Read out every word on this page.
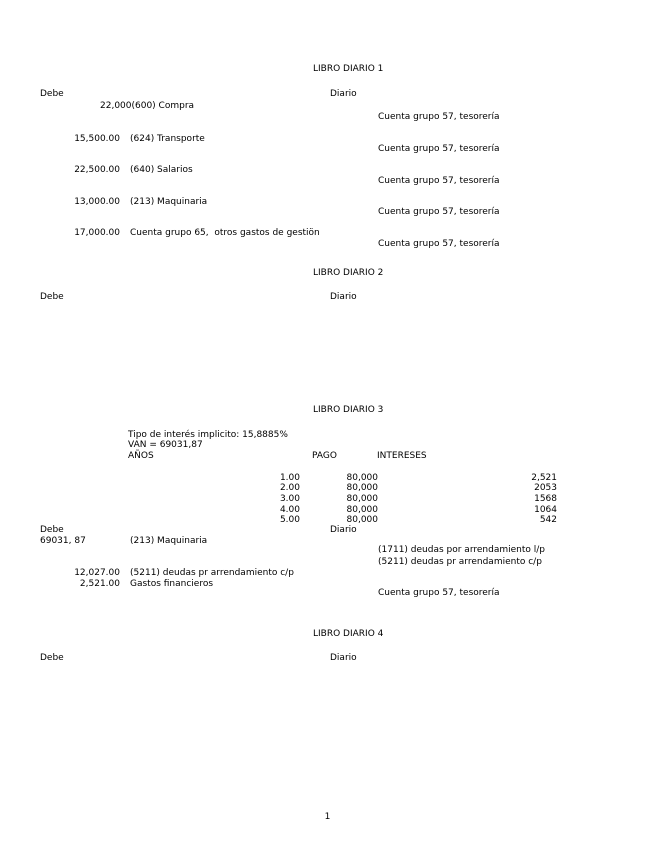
LIBRO DIARIO 1
Debe	Diario
22,000(600) Compra
Cuenta grupo 57, tesorería
15,500.00 (624) Transporte
Cuenta grupo 57, tesorería
22,500.00 (640) Salarios
Cuenta grupo 57, tesorería
13,000.00 (213) Maquinaria
Cuenta grupo 57, tesorería
17,000.00 Cuenta grupo 65,  otros gastos de gestiön
Cuenta grupo 57, tesorería
LIBRO DIARIO 2
Debe	Diario
LIBRO DIARIO 3
Tipo de interés implicito: 15,8885%
VAN = 69031,87
AÑOS	PAGO	INTERESES
1.00	80,000	2,521
2.00	80,000	2053
3.00	80,000	1568
4.00	80,000	1064
5.00	80,000	542
Debe	Diario
69031, 87	(213) Maquinaria
(1711) deudas por arrendamiento l/p
(5211) deudas pr arrendamiento c/p
12,027.00 (5211) deudas pr arrendamiento c/p
2,521.00 Gastos financieros
Cuenta grupo 57, tesorería
LIBRO DIARIO 4
Debe	Diario
1
